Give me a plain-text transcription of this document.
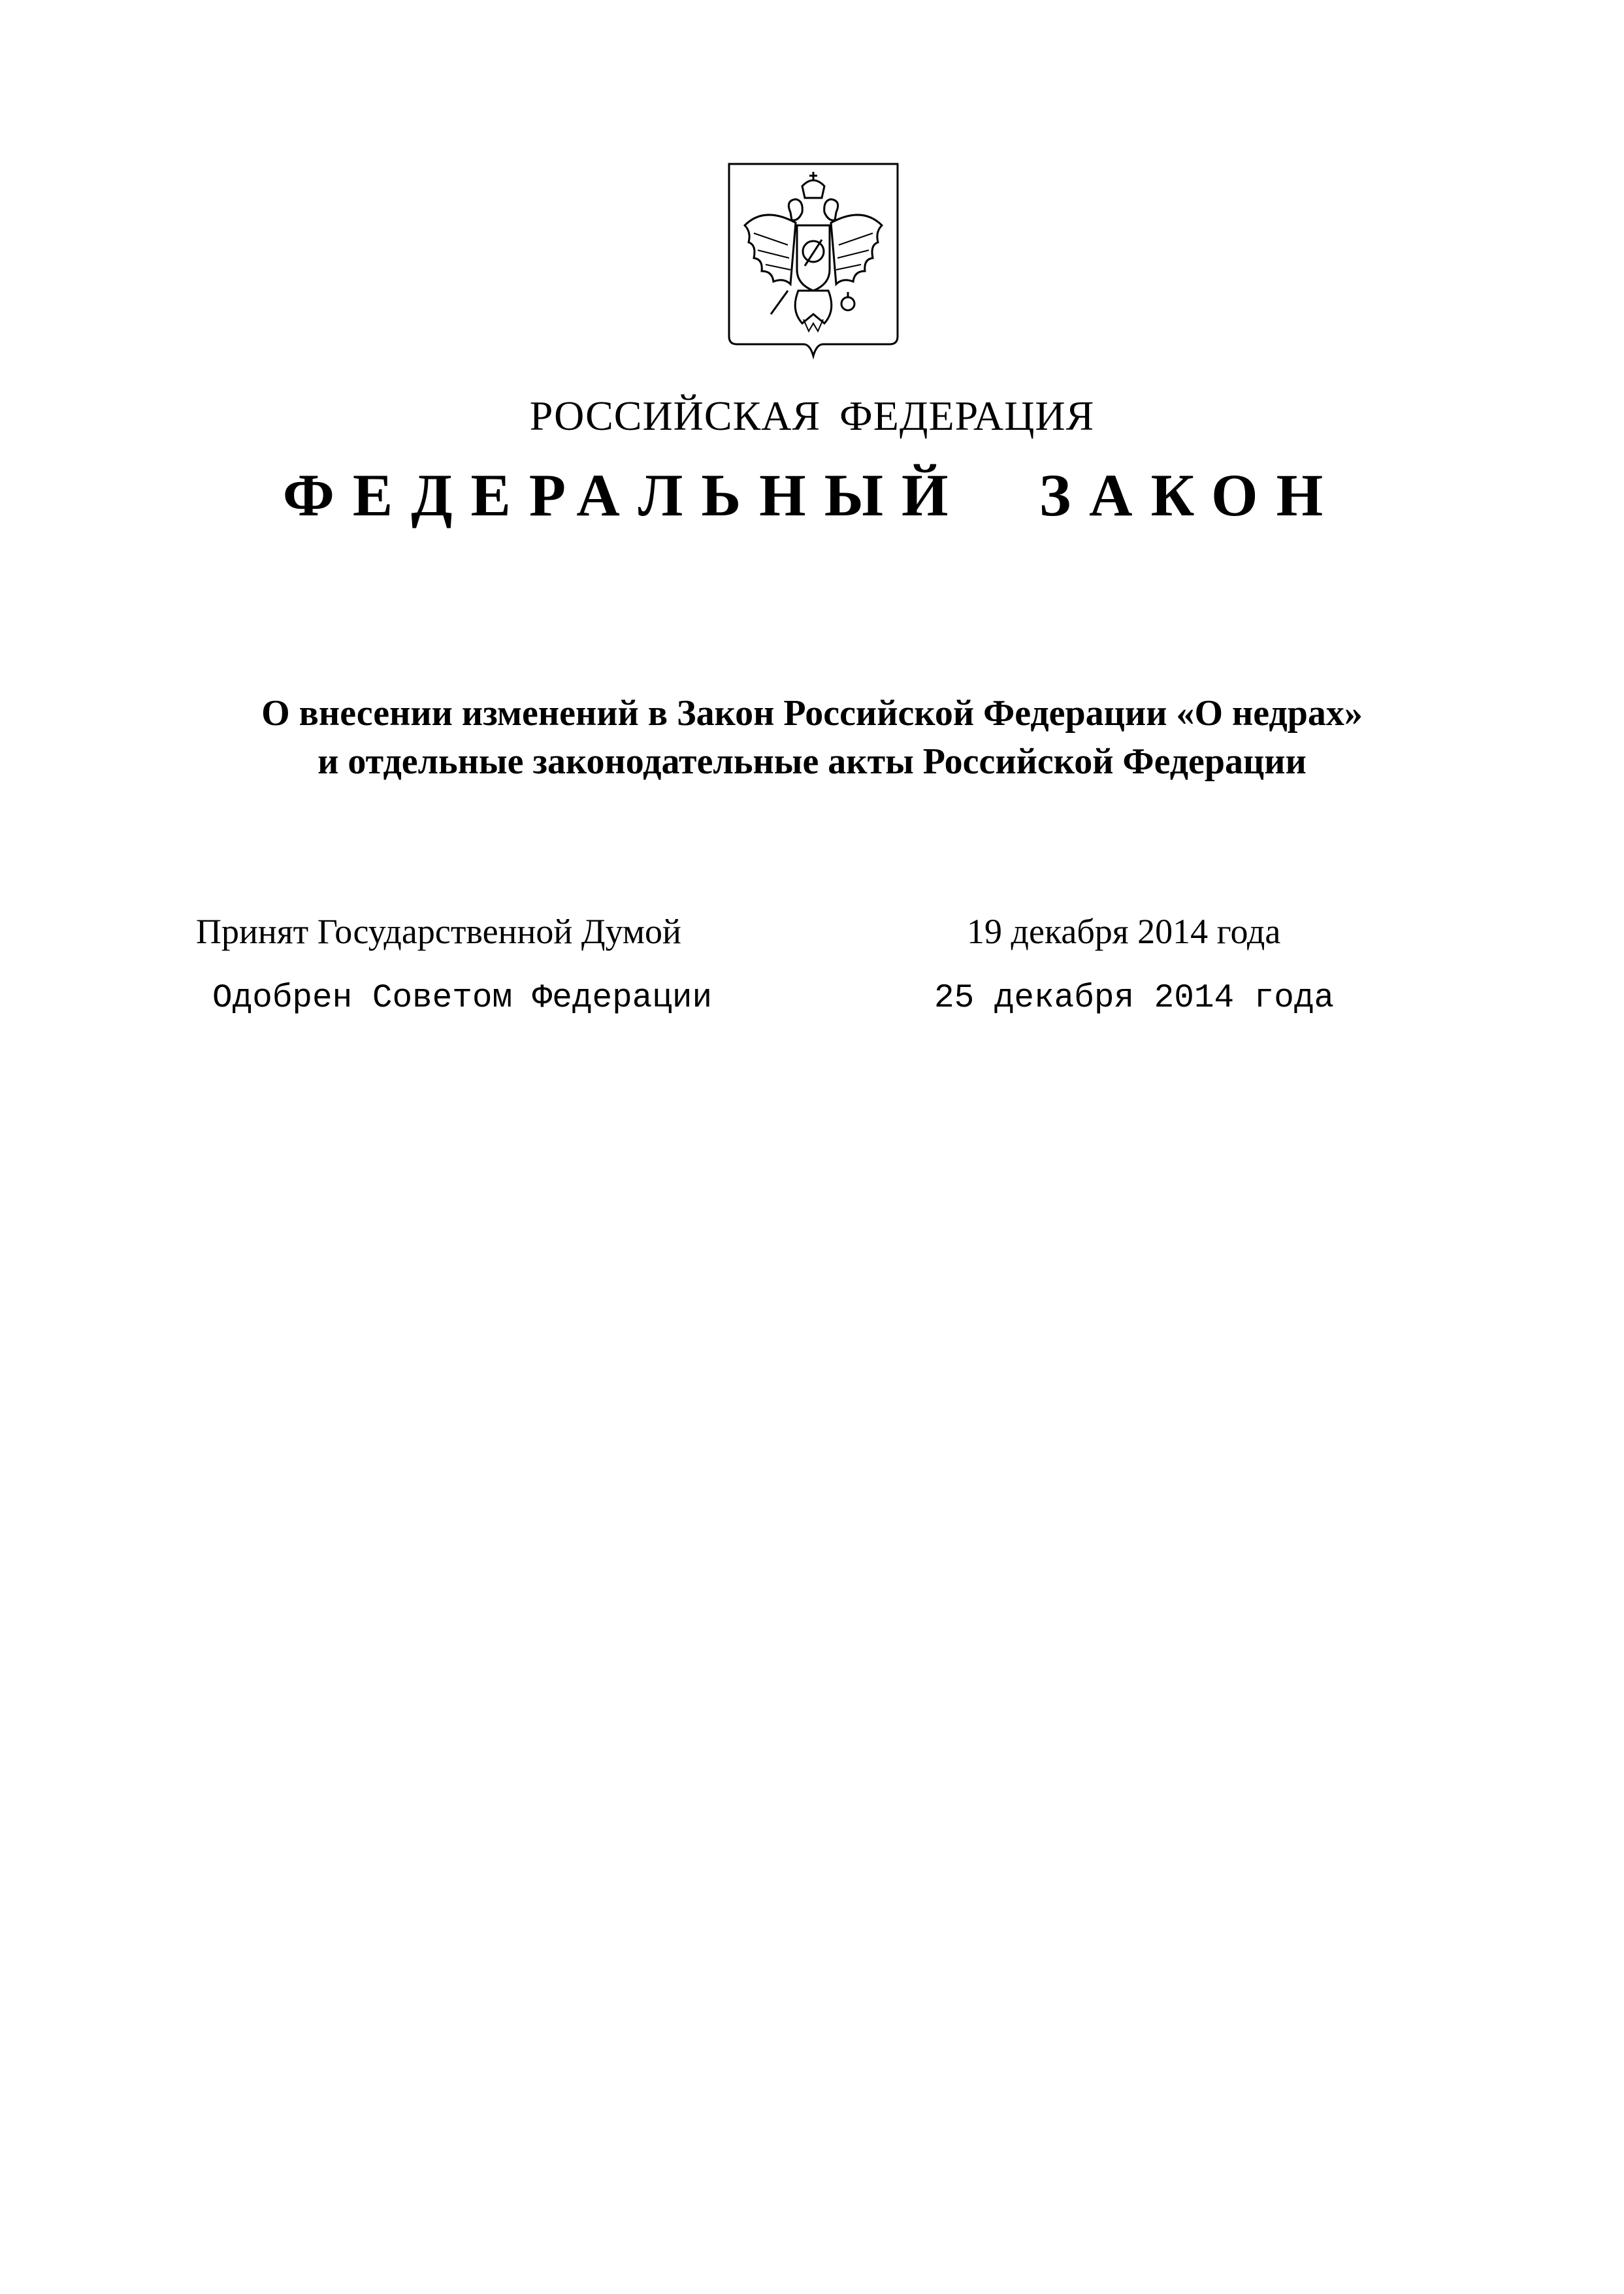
РОССИЙСКАЯ ФЕДЕРАЦИЯ
ФЕДЕРАЛЬНЫЙ ЗАКОН
О внесении изменений в Закон Российской Федерации «О недрах»
и отдельные законодательные акты Российской Федерации
Принят Государственной Думой	19 декабря 2014 года
Одобрен Советом Федерации	25 декабря 2014 года
